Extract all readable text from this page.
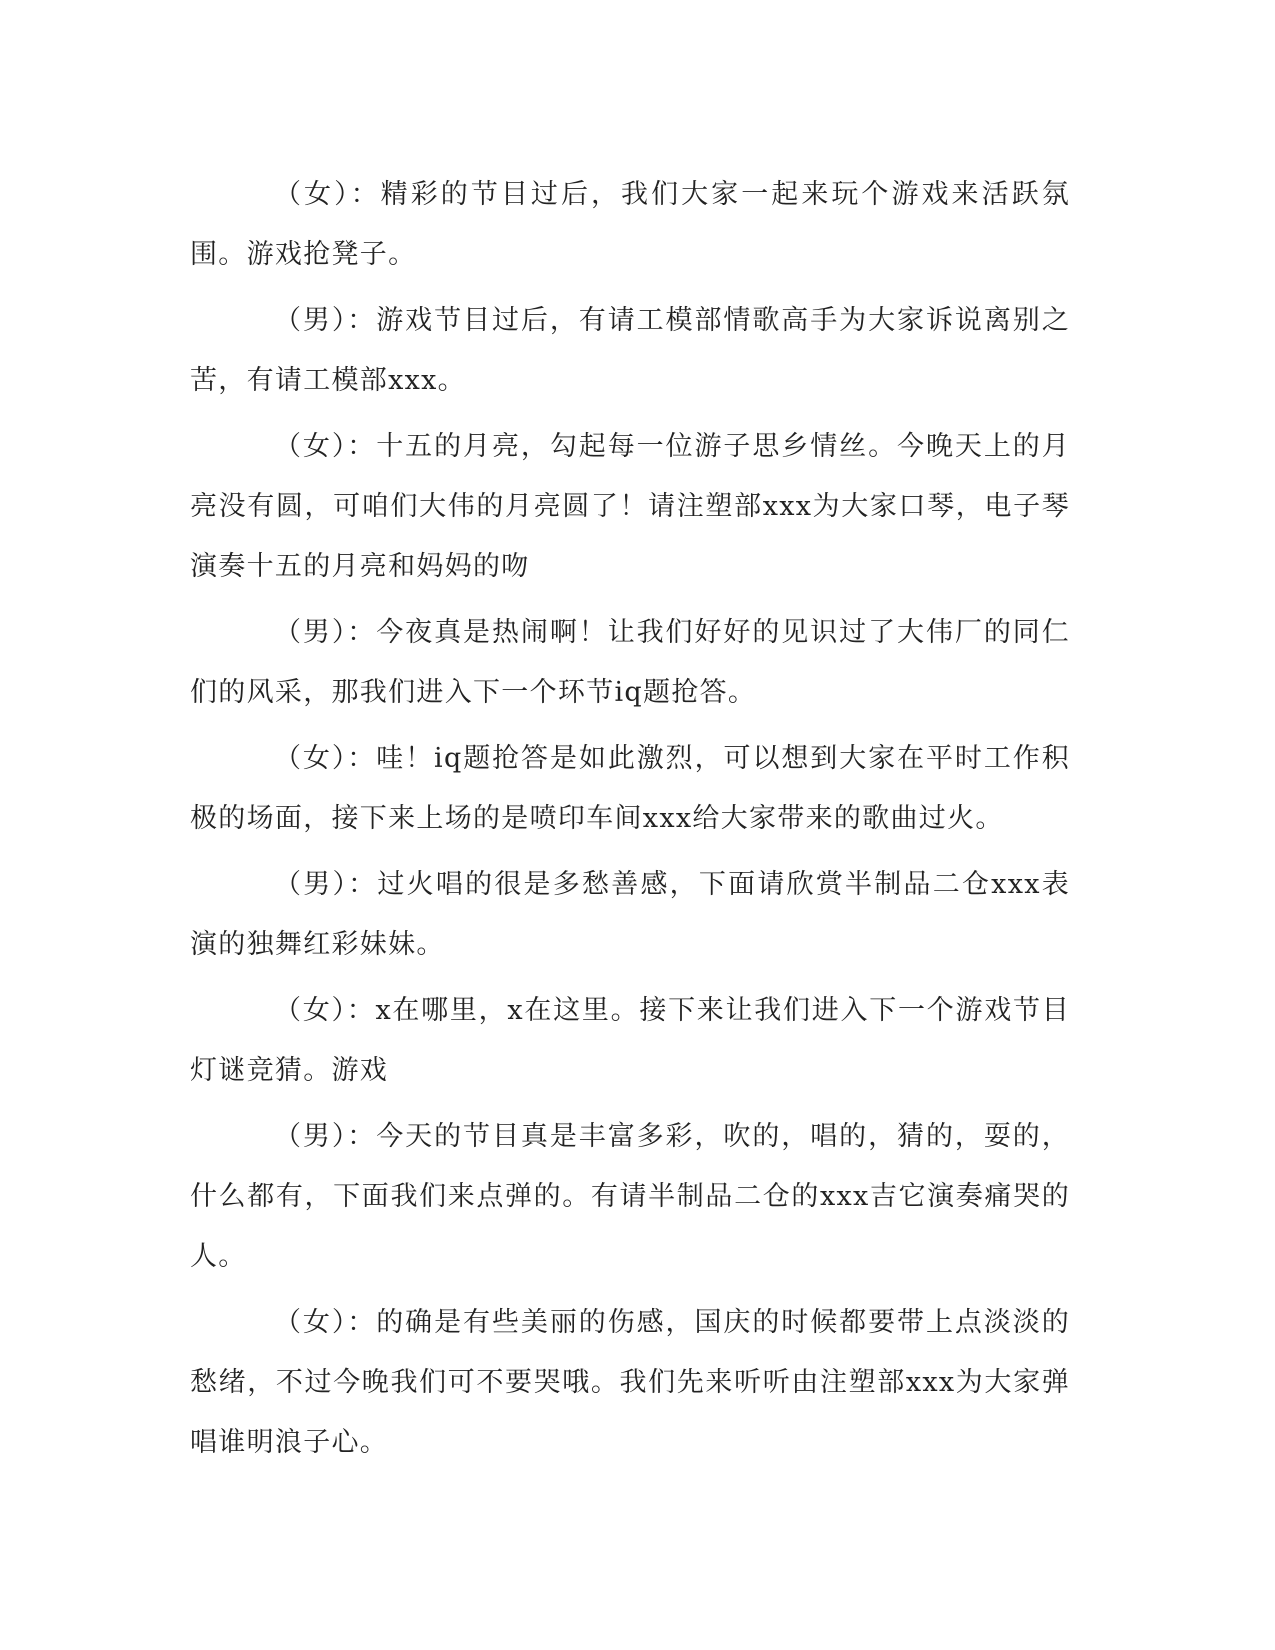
（女）：精彩的节目过后，我们大家一起来玩个游戏来活跃氛围。游戏抢凳子。

（男）：游戏节目过后，有请工模部情歌高手为大家诉说离别之苦，有请工模部xxx。

（女）：十五的月亮，勾起每一位游子思乡情丝。今晚天上的月亮没有圆，可咱们大伟的月亮圆了！请注塑部xxx为大家口琴，电子琴演奏十五的月亮和妈妈的吻

（男）：今夜真是热闹啊！让我们好好的见识过了大伟厂的同仁们的风采，那我们进入下一个环节iq题抢答。

（女）：哇！iq题抢答是如此激烈，可以想到大家在平时工作积极的场面，接下来上场的是喷印车间xxx给大家带来的歌曲过火。

（男）：过火唱的很是多愁善感，下面请欣赏半制品二仓xxx表演的独舞红彩妹妹。

（女）：x在哪里，x在这里。接下来让我们进入下一个游戏节目灯谜竞猜。游戏

（男）：今天的节目真是丰富多彩，吹的，唱的，猜的，耍的，什么都有，下面我们来点弹的。有请半制品二仓的xxx吉它演奏痛哭的人。

（女）：的确是有些美丽的伤感，国庆的时候都要带上点淡淡的愁绪，不过今晚我们可不要哭哦。我们先来听听由注塑部xxx为大家弹唱谁明浪子心。
